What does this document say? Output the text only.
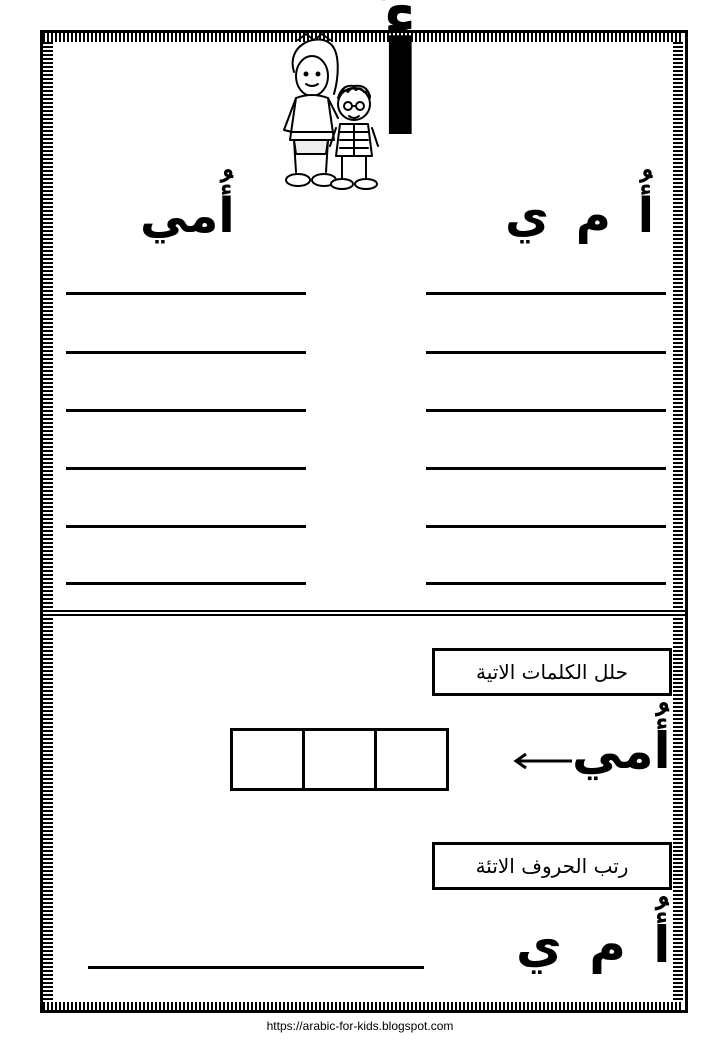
أُ
أُمي	أُ م ي
حلل الكلمات الاتية
أُمي
رتب الحروف الاتئة
أُ م ي
https://arabic-for-kids.blogspot.com
